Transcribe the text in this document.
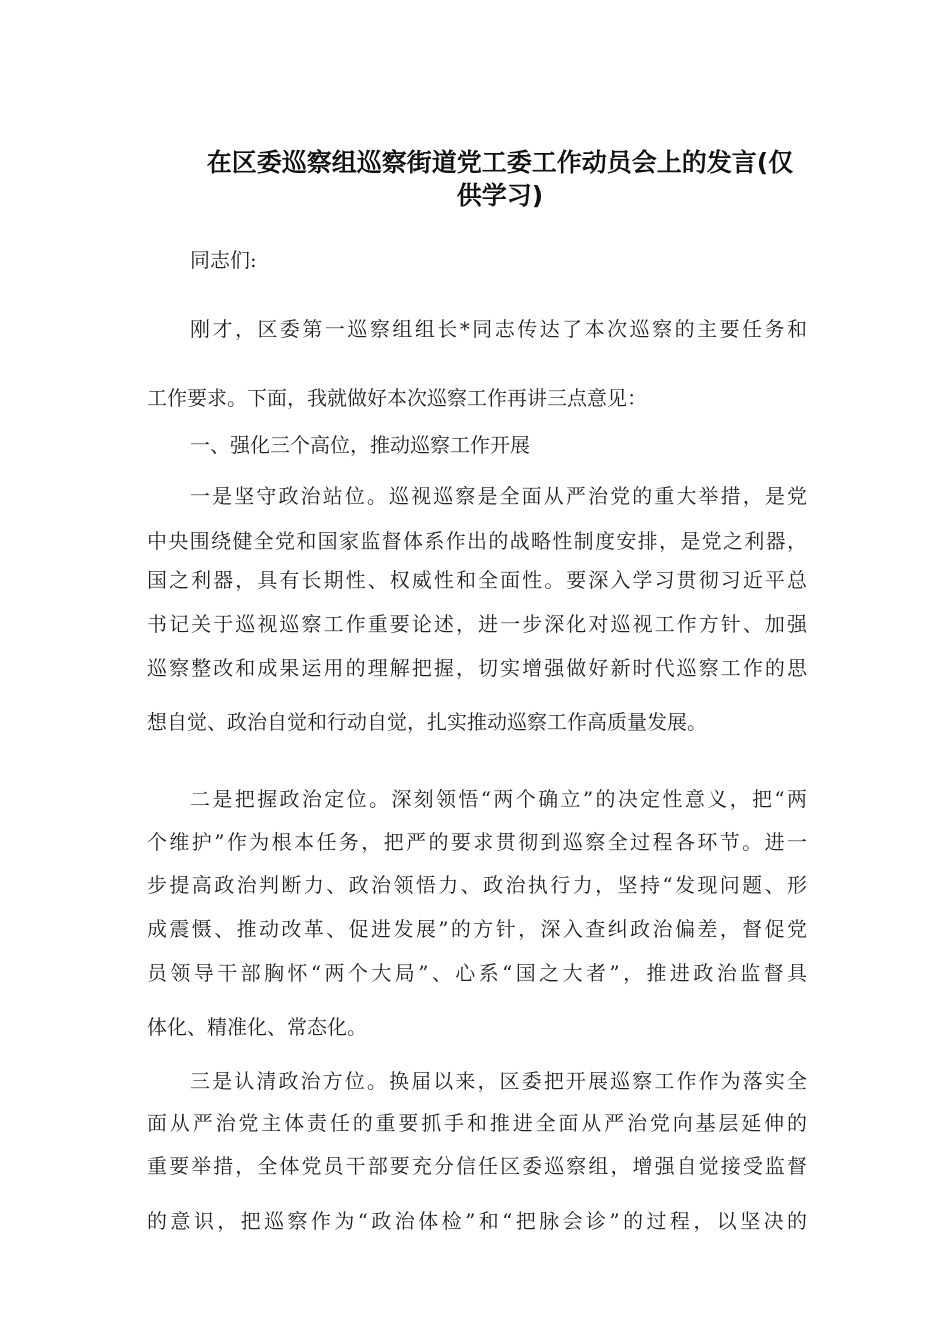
在区委巡察组巡察街道党工委工作动员会上的发言(仅
供学习)
同志们:
刚才，区委第一巡察组组长*同志传达了本次巡察的主要任务和
工作要求。下面，我就做好本次巡察工作再讲三点意见：
一、强化三个高位，推动巡察工作开展
一是坚守政治站位。巡视巡察是全面从严治党的重大举措，是党
中央围绕健全党和国家监督体系作出的战略性制度安排，是党之利器，
国之利器，具有长期性、权威性和全面性。要深入学习贯彻习近平总
书记关于巡视巡察工作重要论述，进一步深化对巡视工作方针、加强
巡察整改和成果运用的理解把握，切实增强做好新时代巡察工作的思
想自觉、政治自觉和行动自觉，扎实推动巡察工作高质量发展。
二是把握政治定位。深刻领悟“两个确立”的决定性意义，把“两
个维护”作为根本任务，把严的要求贯彻到巡察全过程各环节。进一
步提高政治判断力、政治领悟力、政治执行力，坚持“发现问题、形
成震慑、推动改革、促进发展”的方针，深入查纠政治偏差，督促党
员领导干部胸怀“两个大局”、心系“国之大者”，推进政治监督具
体化、精准化、常态化。
三是认清政治方位。换届以来，区委把开展巡察工作作为落实全
面从严治党主体责任的重要抓手和推进全面从严治党向基层延伸的
重要举措，全体党员干部要充分信任区委巡察组，增强自觉接受监督
的意识，把巡察作为“政治体检”和“把脉会诊”的过程，以坚决的
